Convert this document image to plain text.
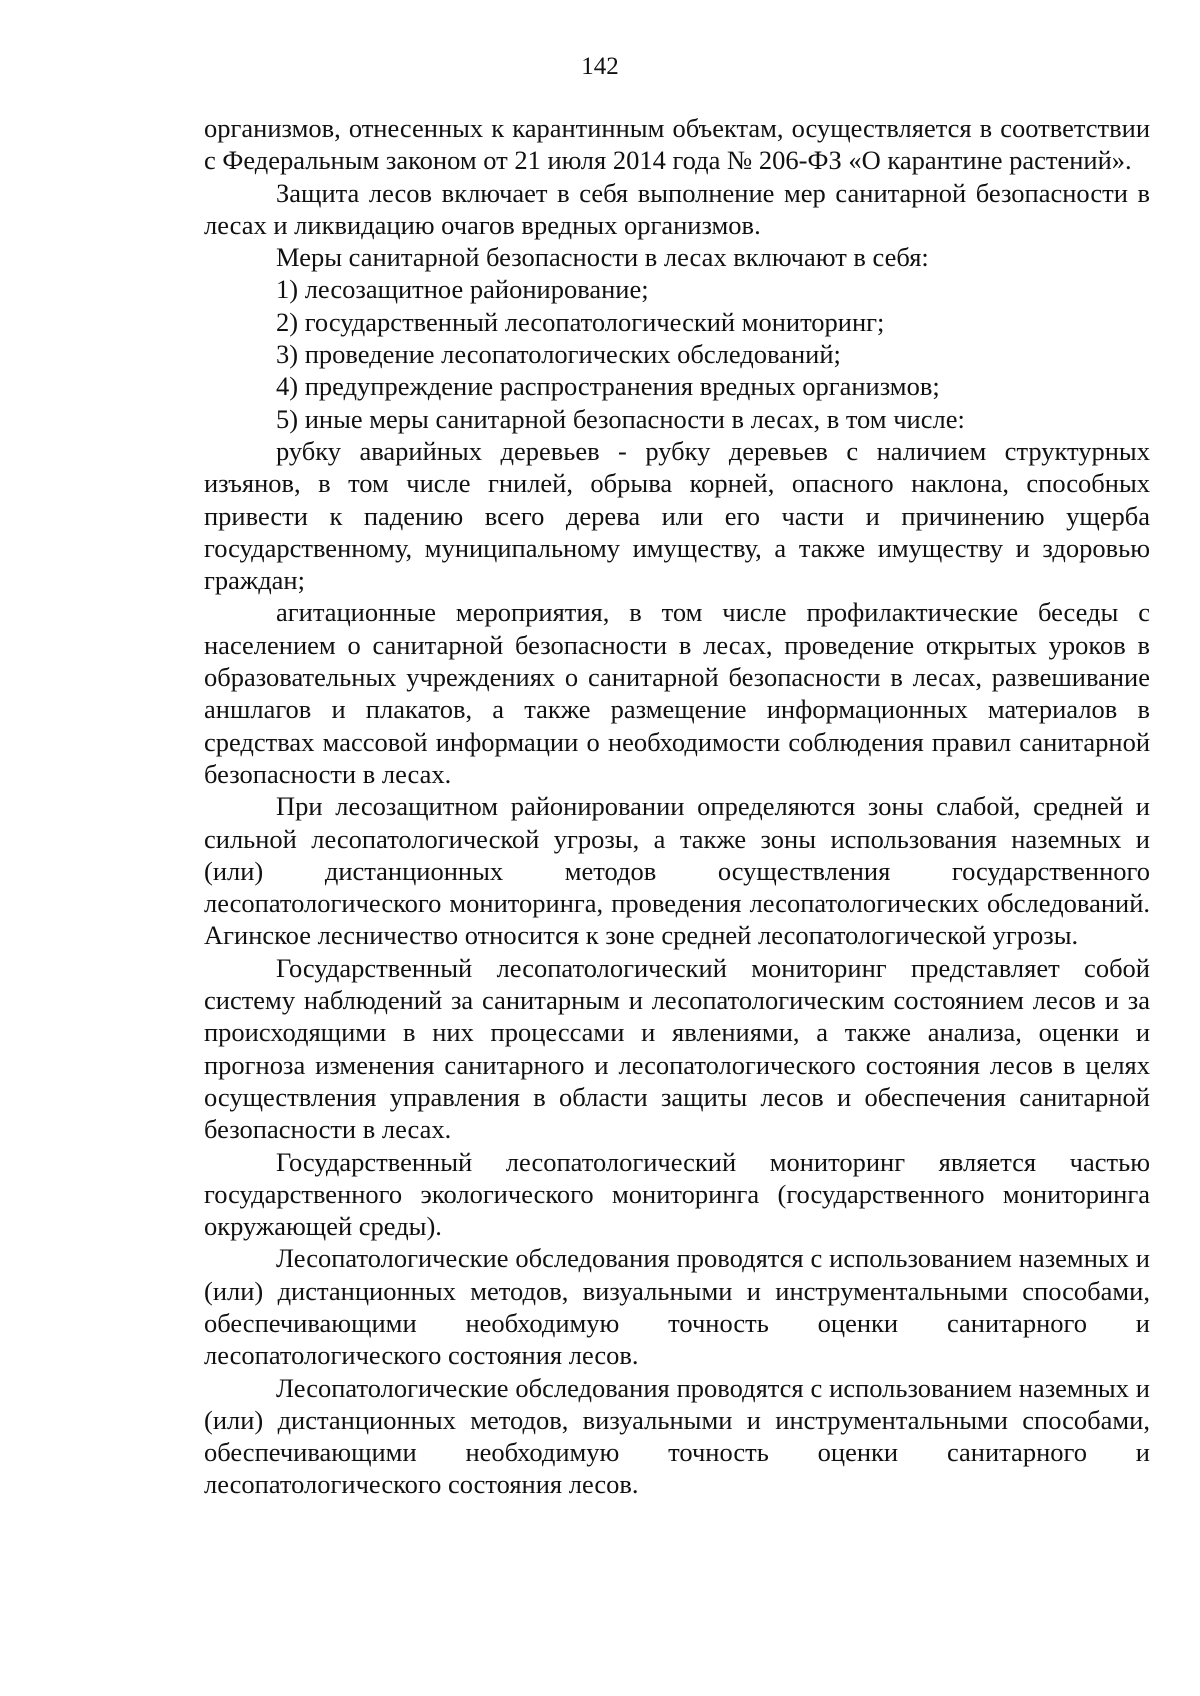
142

организмов, отнесенных к карантинным объектам, осуществляется в соответствии с Федеральным законом от 21 июля 2014 года № 206-ФЗ «О карантине растений».

Защита лесов включает в себя выполнение мер санитарной безопасности в лесах и ликвидацию очагов вредных организмов.

Меры санитарной безопасности в лесах включают в себя:

1) лесозащитное районирование;

2) государственный лесопатологический мониторинг;

3) проведение лесопатологических обследований;

4) предупреждение распространения вредных организмов;

5) иные меры санитарной безопасности в лесах, в том числе:

рубку аварийных деревьев - рубку деревьев с наличием структурных изъянов, в том числе гнилей, обрыва корней, опасного наклона, способных привести к падению всего дерева или его части и причинению ущерба государственному, муниципальному имуществу, а также имуществу и здоровью граждан;

агитационные мероприятия, в том числе профилактические беседы с населением о санитарной безопасности в лесах, проведение открытых уроков в образовательных учреждениях о санитарной безопасности в лесах, развешивание аншлагов и плакатов, а также размещение информационных материалов в средствах массовой информации о необходимости соблюдения правил санитарной безопасности в лесах.

При лесозащитном районировании определяются зоны слабой, средней и сильной лесопатологической угрозы, а также зоны использования наземных и (или) дистанционных методов осуществления государственного лесопатологического мониторинга, проведения лесопатологических обследований. Агинское лесничество относится к зоне средней лесопатологической угрозы.

Государственный лесопатологический мониторинг представляет собой систему наблюдений за санитарным и лесопатологическим состоянием лесов и за происходящими в них процессами и явлениями, а также анализа, оценки и прогноза изменения санитарного и лесопатологического состояния лесов в целях осуществления управления в области защиты лесов и обеспечения санитарной безопасности в лесах.

Государственный лесопатологический мониторинг является частью государственного экологического мониторинга (государственного мониторинга окружающей среды).

Лесопатологические обследования проводятся с использованием наземных и (или) дистанционных методов, визуальными и инструментальными способами, обеспечивающими необходимую точность оценки санитарного и лесопатологического состояния лесов.

Лесопатологические обследования проводятся с использованием наземных и (или) дистанционных методов, визуальными и инструментальными способами, обеспечивающими необходимую точность оценки санитарного и лесопатологического состояния лесов.
